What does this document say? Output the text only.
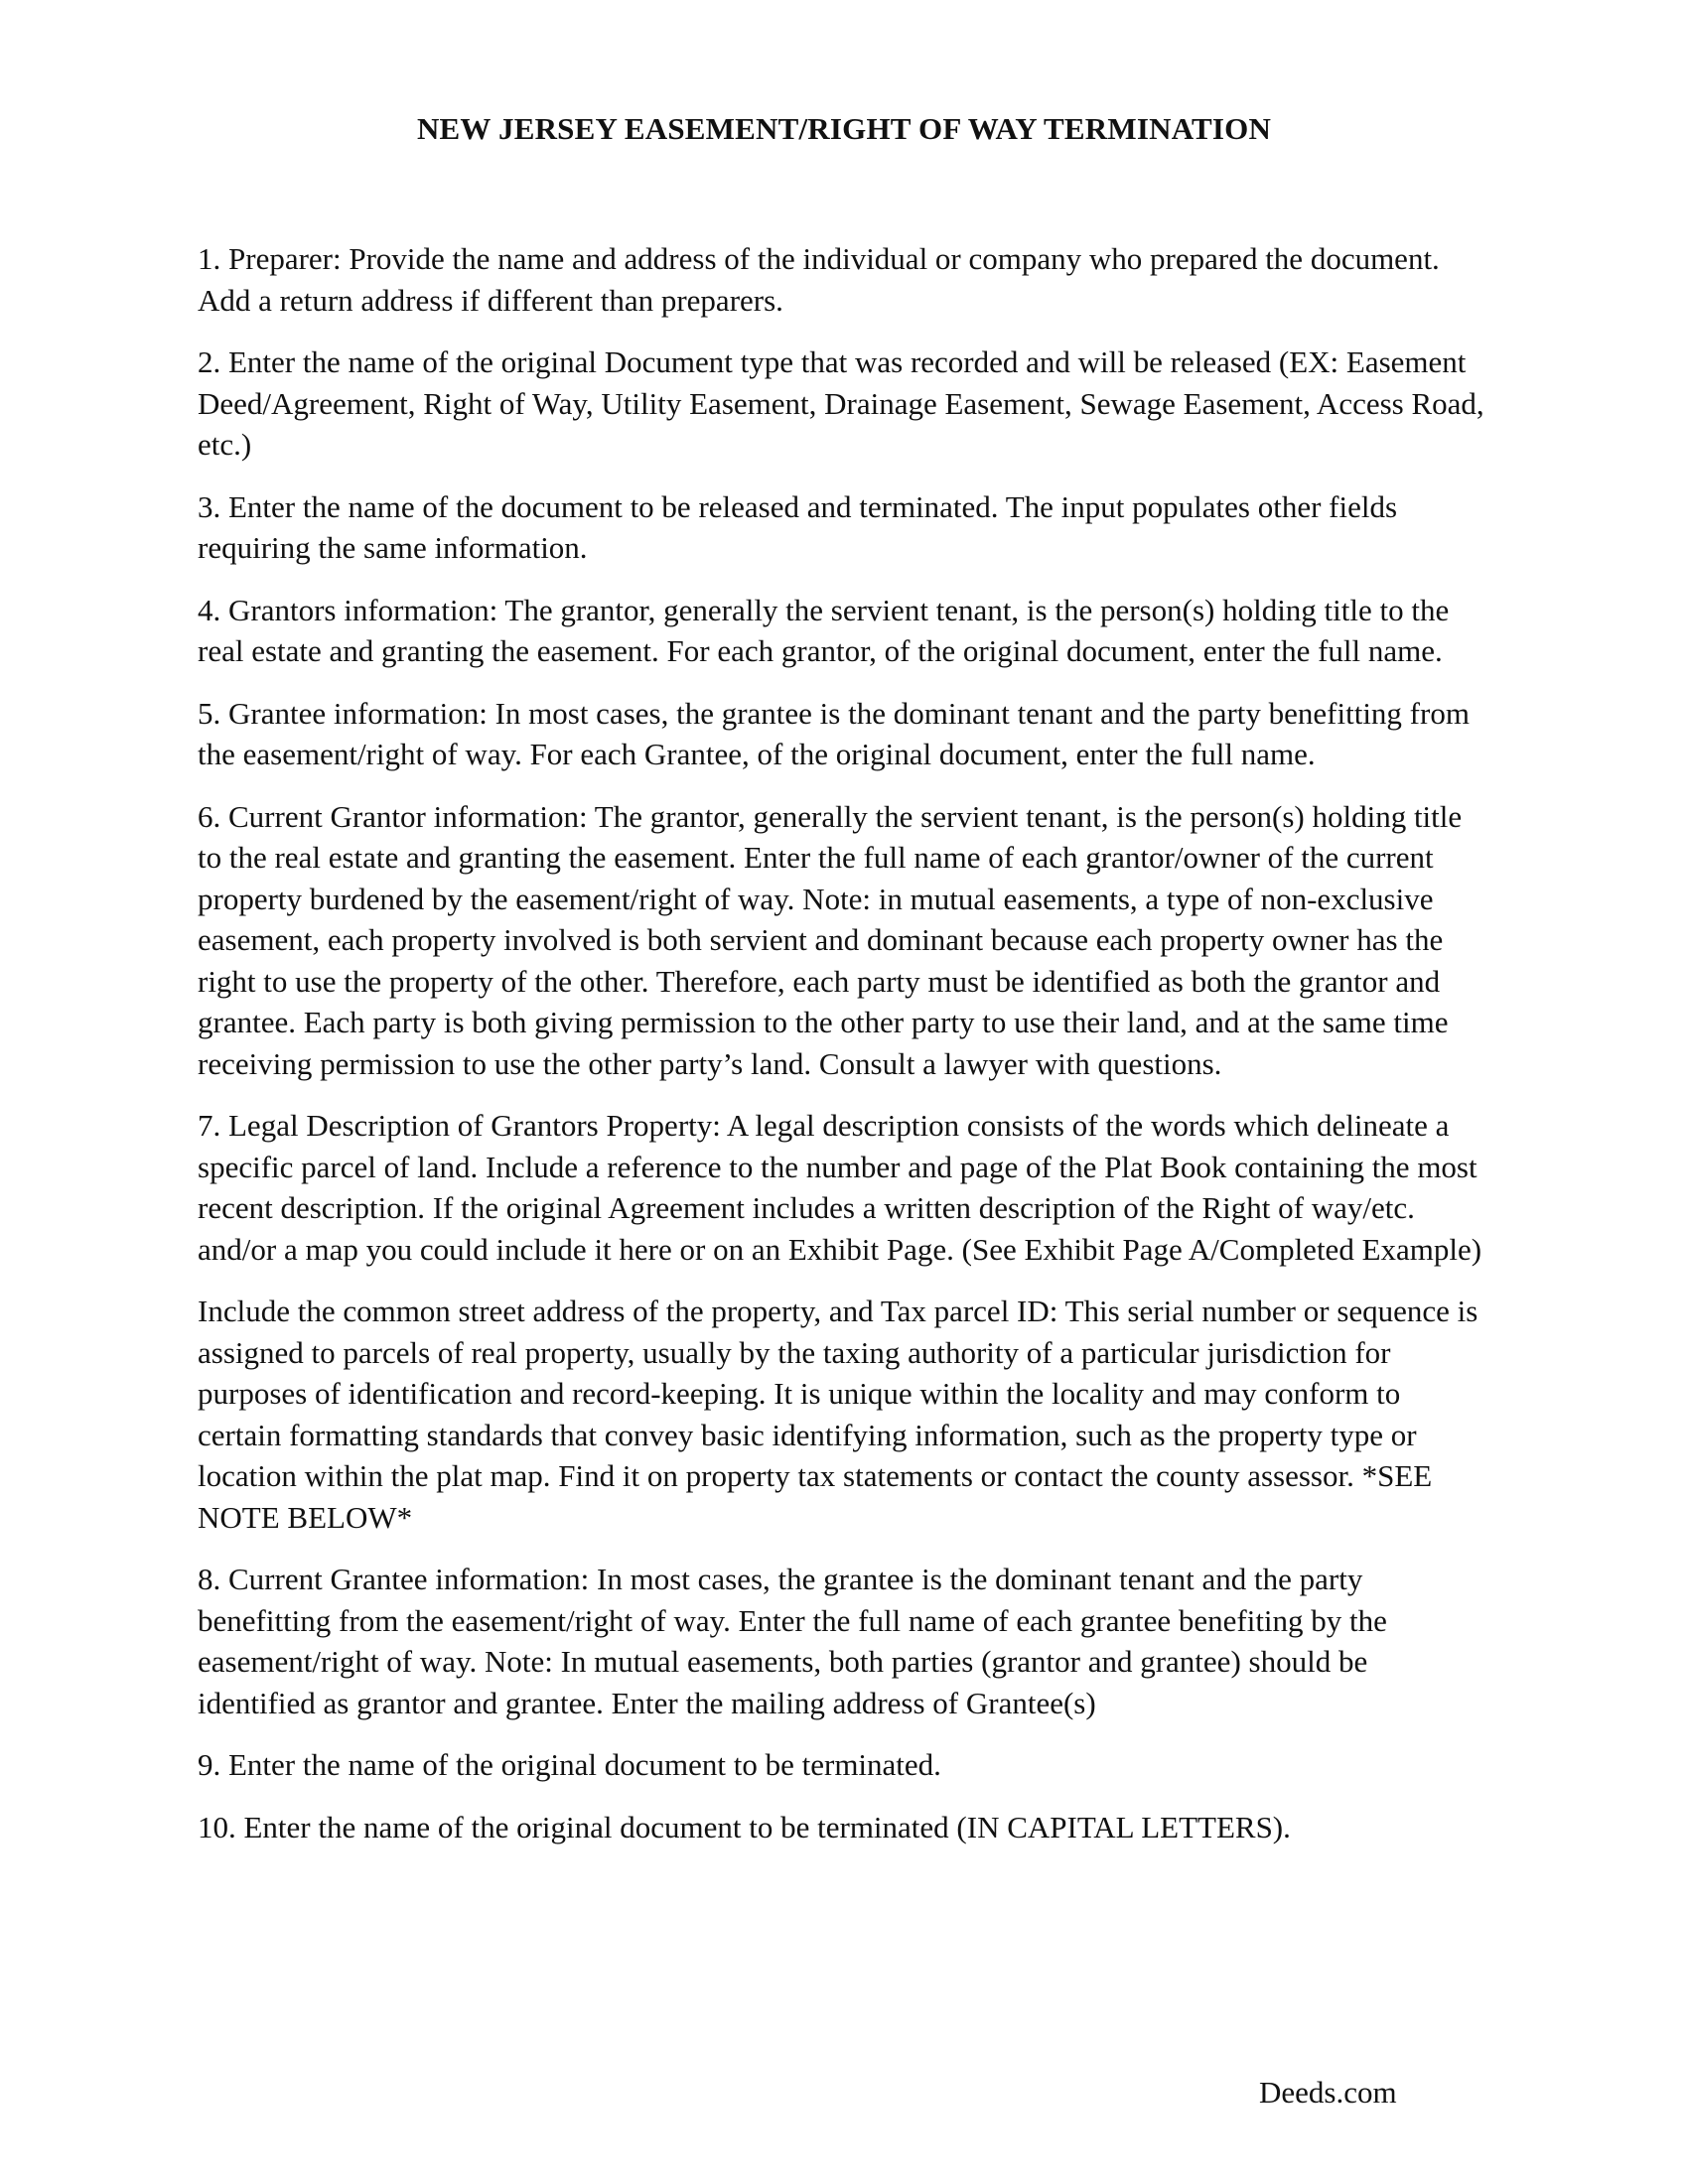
NEW JERSEY EASEMENT/RIGHT OF WAY TERMINATION

1. Preparer: Provide the name and address of the individual or company who prepared the document. Add a return address if different than preparers.

2. Enter the name of the original Document type that was recorded and will be released (EX: Easement Deed/Agreement, Right of Way, Utility Easement, Drainage Easement, Sewage Easement, Access Road, etc.)

3. Enter the name of the document to be released and terminated. The input populates other fields requiring the same information.

4. Grantors information: The grantor, generally the servient tenant, is the person(s) holding title to the real estate and granting the easement. For each grantor, of the original document, enter the full name.

5. Grantee information: In most cases, the grantee is the dominant tenant and the party benefitting from the easement/right of way. For each Grantee, of the original document, enter the full name.

6. Current Grantor information: The grantor, generally the servient tenant, is the person(s) holding title to the real estate and granting the easement. Enter the full name of each grantor/owner of the current property burdened by the easement/right of way. Note: in mutual easements, a type of non-exclusive easement, each property involved is both servient and dominant because each property owner has the right to use the property of the other. Therefore, each party must be identified as both the grantor and grantee. Each party is both giving permission to the other party to use their land, and at the same time receiving permission to use the other party’s land. Consult a lawyer with questions.

7. Legal Description of Grantors Property: A legal description consists of the words which delineate a specific parcel of land. Include a reference to the number and page of the Plat Book containing the most recent description. If the original Agreement includes a written description of the Right of way/etc. and/or a map you could include it here or on an Exhibit Page. (See Exhibit Page A/Completed Example)

Include the common street address of the property, and Tax parcel ID: This serial number or sequence is assigned to parcels of real property, usually by the taxing authority of a particular jurisdiction for purposes of identification and record-keeping. It is unique within the locality and may conform to certain formatting standards that convey basic identifying information, such as the property type or location within the plat map. Find it on property tax statements or contact the county assessor. *SEE NOTE BELOW*

8. Current Grantee information: In most cases, the grantee is the dominant tenant and the party benefitting from the easement/right of way. Enter the full name of each grantee benefiting by the easement/right of way. Note: In mutual easements, both parties (grantor and grantee) should be identified as grantor and grantee. Enter the mailing address of Grantee(s)

9. Enter the name of the original document to be terminated.

10. Enter the name of the original document to be terminated (IN CAPITAL LETTERS).

Deeds.com
